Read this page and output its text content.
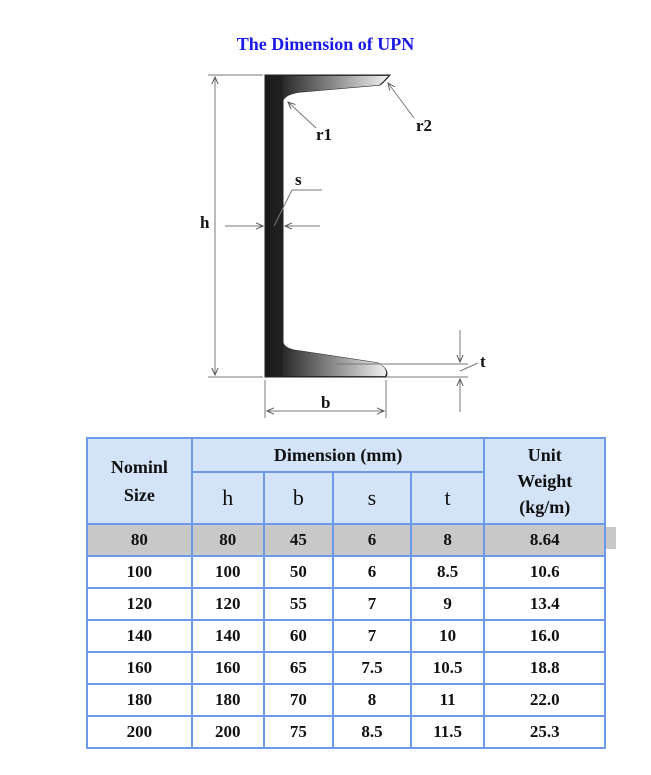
The Dimension of UPN
h
s
r1	r2
t
b
Nominl Size	Dimension (mm)				Unit
Weight
(kg/m)

	h	b	s	t	
80	80	45	6	8	8.64
100	100	50	6	8.5	10.6
120	120	55	7	9	13.4
140	140	60	7	10	16.0
160	160	65	7.5	10.5	18.8
180	180	70	8	11	22.0
200	200	75	8.5	11.5	25.3
